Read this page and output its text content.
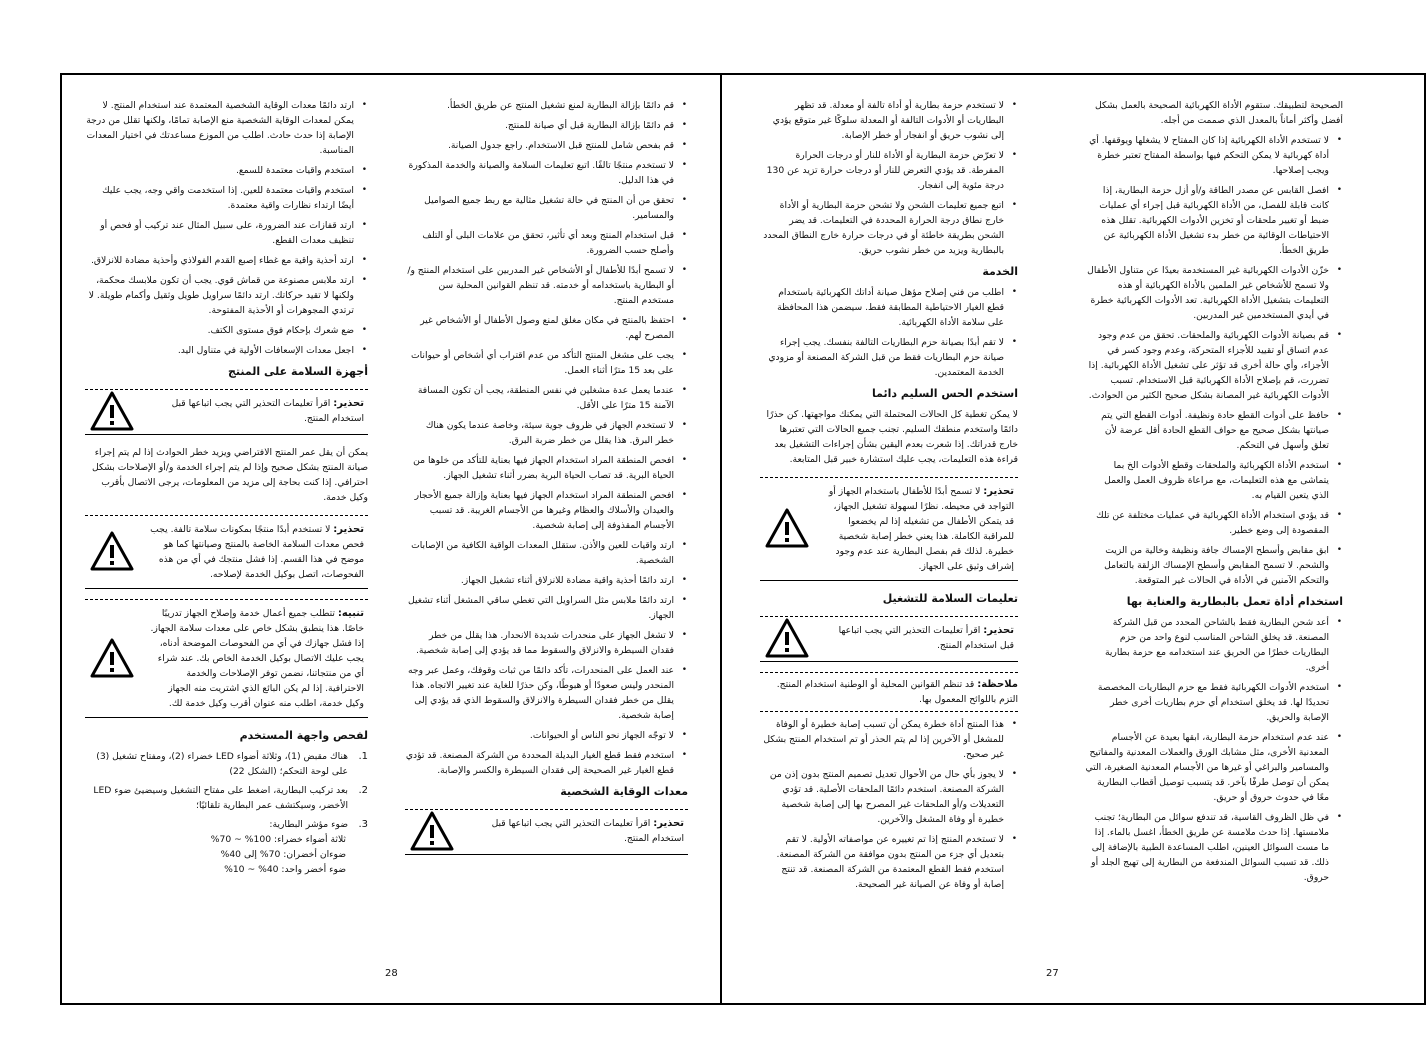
الصحيحة لتطبيقك. ستقوم الأداة الكهربائية الصحيحة بالعمل بشكل أفضل وأكثر أماناً بالمعدل الذي صممت من أجله.

• لا تستخدم الأداة الكهربائية إذا كان المفتاح لا يشغلها ويوقفها. أي أداة كهربائية لا يمكن التحكم فيها بواسطة المفتاح تعتبر خطرة ويجب إصلاحها.
• افصل القابس عن مصدر الطاقة و/أو أزل حزمة البطارية، إذا كانت قابلة للفصل، من الأداة الكهربائية قبل إجراء أي عمليات ضبط أو تغيير ملحقات أو تخزين الأدوات الكهربائية. تقلل هذه الاحتياطات الوقائية من خطر بدء تشغيل الأداة الكهربائية عن طريق الخطأ.
• خزّن الأدوات الكهربائية غير المستخدمة بعيدًا عن متناول الأطفال ولا تسمح للأشخاص غير الملمين بالأداة الكهربائية أو هذه التعليمات بتشغيل الأداة الكهربائية. تعد الأدوات الكهربائية خطرة في أيدي المستخدمين غير المدربين.
• قم بصيانة الأدوات الكهربائية والملحقات. تحقق من عدم وجود عدم اتساق أو تقييد للأجزاء المتحركة، وعدم وجود كسر في الأجزاء، وأي حالة أخرى قد تؤثر على تشغيل الأداة الكهربائية. إذا تضررت، قم بإصلاح الأداة الكهربائية قبل الاستخدام. تسبب الأدوات الكهربائية غير المصانة بشكل صحيح الكثير من الحوادث.
• حافظ على أدوات القطع حادة ونظيفة. أدوات القطع التي يتم صيانتها بشكل صحيح مع حواف القطع الحادة أقل عرضة لأن تعلق وأسهل في التحكم.
• استخدم الأداة الكهربائية والملحقات وقطع الأدوات الخ بما يتماشى مع هذه التعليمات، مع مراعاة ظروف العمل والعمل الذي يتعين القيام به.
• قد يؤدي استخدام الأداة الكهربائية في عمليات مختلفة عن تلك المقصودة إلى وضع خطير.
• ابق مقابض وأسطح الإمساك جافة ونظيفة وخالية من الزيت والشحم. لا تسمح المقابض وأسطح الإمساك الزلقة بالتعامل والتحكم الآمنين في الأداة في الحالات غير المتوقعة.
استخدام أداة تعمل بالبطارية والعناية بها
• أعد شحن البطارية فقط بالشاحن المحدد من قبل الشركة المصنعة. قد يخلق الشاحن المناسب لنوع واحد من حزم البطاريات خطرًا من الحريق عند استخدامه مع حزمة بطارية أخرى.
• استخدم الأدوات الكهربائية فقط مع حزم البطاريات المخصصة تحديدًا لها. قد يخلق استخدام أي حزم بطاريات أخرى خطر الإصابة والحريق.
• عند عدم استخدام حزمة البطارية، ابقها بعيدة عن الأجسام المعدنية الأخرى، مثل مشابك الورق والعملات المعدنية والمفاتيح والمسامير والبراغي أو غيرها من الأجسام المعدنية الصغيرة، التي يمكن أن توصل طرفًا بآخر. قد يتسبب توصيل أقطاب البطارية معًا في حدوث حروق أو حريق.
• في ظل الظروف القاسية، قد تندفع سوائل من البطارية؛ تجنب ملامستها. إذا حدث ملامسة عن طريق الخطأ، اغسل بالماء. إذا ما مست السوائل العينين، اطلب المساعدة الطبية بالإضافة إلى ذلك. قد تسبب السوائل المندفعة من البطارية إلى تهيج الجلد أو حروق.
• لا تستخدم حزمة بطارية أو أداة تالفة أو معدلة. قد تظهر البطاريات أو الأدوات التالفة أو المعدلة سلوكًا غير متوقع يؤدي إلى نشوب حريق أو انفجار أو خطر الإصابة.
• لا تعرّض حزمة البطارية أو الأداة للنار أو درجات الحرارة المفرطة. قد يؤدي التعرض للنار أو درجات حرارة تزيد عن 130 درجة مئوية إلى انفجار.
• اتبع جميع تعليمات الشحن ولا تشحن حزمة البطارية أو الأداة خارج نطاق درجة الحرارة المحددة في التعليمات. قد يضر الشحن بطريقة خاطئة أو في درجات حرارة خارج النطاق المحدد بالبطارية ويزيد من خطر نشوب حريق.
الخدمة
• اطلب من فني إصلاح مؤهل صيانة أداتك الكهربائية باستخدام قطع الغيار الاحتياطية المطابقة فقط. سيضمن هذا المحافظة على سلامة الأداة الكهربائية.
• لا تقم أبدًا بصيانة حزم البطاريات التالفة بنفسك. يجب إجراء صيانة حزم البطاريات فقط من قبل الشركة المصنعة أو مزودي الخدمة المعتمدين.
استخدم الحس السليم دائما

لا يمكن تغطية كل الحالات المحتملة التي يمكنك مواجهتها. كن حذرًا دائمًا واستخدم منطقك السليم. تجنب جميع الحالات التي تعتبرها خارج قدراتك. إذا شعرت بعدم اليقين بشأن إجراءات التشغيل بعد قراءة هذه التعليمات، يجب عليك استشارة خبير قبل المتابعة.

تحذير: لا تسمح أبدًا للأطفال باستخدام الجهاز أو التواجد في محيطه. نظرًا لسهولة تشغيل الجهاز، قد يتمكن الأطفال من تشغيله إذا لم يخضعوا للمراقبة الكاملة. هذا يعني خطر إصابة شخصية خطيرة. لذلك قم بفصل البطارية عند عدم وجود إشراف وثيق على الجهاز.
تعليمات السلامة للتشغيل
تحذير: اقرأ تعليمات التحذير التي يجب اتباعها قبل استخدام المنتج.

ملاحظة: قد تنظم القوانين المحلية أو الوطنية استخدام المنتج. التزم باللوائح المعمول بها.

• هذا المنتج أداة خطرة يمكن أن تسبب إصابة خطيرة أو الوفاة للمشغل أو الآخرين إذا لم يتم الحذر أو تم استخدام المنتج بشكل غير صحيح.
• لا يجوز بأي حال من الأحوال تعديل تصميم المنتج بدون إذن من الشركة المصنعة. استخدم دائمًا الملحقات الأصلية. قد تؤدي التعديلات و/أو الملحقات غير المصرح بها إلى إصابة شخصية خطيرة أو وفاة المشغل والآخرين.
• لا تستخدم المنتج إذا تم تغييره عن مواصفاته الأولية. لا تقم بتعديل أي جزء من المنتج بدون موافقة من الشركة المصنعة. استخدم فقط القطع المعتمدة من الشركة المصنعة. قد تنتج إصابة أو وفاة عن الصيانة غير الصحيحة.
• قم دائمًا بإزالة البطارية لمنع تشغيل المنتج عن طريق الخطأ.
• قم دائمًا بإزالة البطارية قبل أي صيانة للمنتج.
• قم بفحص شامل للمنتج قبل الاستخدام. راجع جدول الصيانة.
• لا تستخدم منتجًا تالفًا. اتبع تعليمات السلامة والصيانة والخدمة المذكورة في هذا الدليل.
• تحقق من أن المنتج في حالة تشغيل مثالية مع ربط جميع الصواميل والمسامير.
• قبل استخدام المنتج وبعد أي تأثير، تحقق من علامات البلى أو التلف وأصلح حسب الضرورة.
• لا تسمح أبدًا للأطفال أو الأشخاص غير المدربين على استخدام المنتج و/أو البطارية باستخدامه أو خدمته. قد تنظم القوانين المحلية سن مستخدم المنتج.
• احتفظ بالمنتج في مكان مغلق لمنع وصول الأطفال أو الأشخاص غير المصرح لهم.
• يجب على مشغل المنتج التأكد من عدم اقتراب أي أشخاص أو حيوانات على بعد 15 مترًا أثناء العمل.
• عندما يعمل عدة مشغلين في نفس المنطقة، يجب أن تكون المسافة الآمنة 15 مترًا على الأقل.
• لا تستخدم الجهاز في ظروف جوية سيئة، وخاصة عندما يكون هناك خطر البرق. هذا يقلل من خطر ضربة البرق.
• افحص المنطقة المراد استخدام الجهاز فيها بعناية للتأكد من خلوها من الحياة البرية. قد تصاب الحياة البرية بضرر أثناء تشغيل الجهاز.
• افحص المنطقة المراد استخدام الجهاز فيها بعناية وإزالة جميع الأحجار والعيدان والأسلاك والعظام وغيرها من الأجسام الغريبة. قد تسبب الأجسام المقذوفة إلى إصابة شخصية.
• ارتد واقيات للعين والأذن. ستقلل المعدات الواقية الكافية من الإصابات الشخصية.
• ارتد دائمًا أحذية واقية مضادة للانزلاق أثناء تشغيل الجهاز.
• ارتد دائمًا ملابس مثل السراويل التي تغطي ساقي المشغل أثناء تشغيل الجهاز.
• لا تشغل الجهاز على منحدرات شديدة الانحدار. هذا يقلل من خطر فقدان السيطرة والانزلاق والسقوط مما قد يؤدي إلى إصابة شخصية.
• عند العمل على المنحدرات، تأكد دائمًا من ثبات وقوفك، وعمل عبر وجه المنحدر وليس صعودًا أو هبوطًا، وكن حذرًا للغاية عند تغيير الاتجاه. هذا يقلل من خطر فقدان السيطرة والانزلاق والسقوط الذي قد يؤدي إلى إصابة شخصية.
• لا توجّه الجهاز نحو الناس أو الحيوانات.
• استخدم فقط قطع الغيار البديلة المحددة من الشركة المصنعة. قد تؤدي قطع الغيار غير الصحيحة إلى فقدان السيطرة والكسر والإصابة.
معدات الوقاية الشخصية
تحذير: اقرأ تعليمات التحذير التي يجب اتباعها قبل استخدام المنتج.
• ارتد دائمًا معدات الوقاية الشخصية المعتمدة عند استخدام المنتج. لا يمكن لمعدات الوقاية الشخصية منع الإصابة تمامًا، ولكنها تقلل من درجة الإصابة إذا حدث حادث. اطلب من الموزع مساعدتك في اختيار المعدات المناسبة.
• استخدم واقيات معتمدة للسمع.
• استخدم واقيات معتمدة للعين. إذا استخدمت واقي وجه، يجب عليك أيضًا ارتداء نظارات واقية معتمدة.
• ارتد قفازات عند الضرورة، على سبيل المثال عند تركيب أو فحص أو تنظيف معدات القطع.
• ارتد أحذية واقية مع غطاء إصبع القدم الفولاذي وأحذية مضادة للانزلاق.
• ارتد ملابس مصنوعة من قماش قوي. يجب أن تكون ملابسك محكمة، ولكنها لا تقيد حركاتك. ارتد دائمًا سراويل طويل وثقيل وأكمام طويلة. لا ترتدي المجوهرات أو الأحذية المفتوحة.
• ضع شعرك بإحكام فوق مستوى الكتف.
• اجعل معدات الإسعافات الأولية في متناول اليد.
أجهزة السلامة على المنتج
تحذير: اقرأ تعليمات التحذير التي يجب اتباعها قبل استخدام المنتج.

يمكن أن يقل عمر المنتج الافتراضي ويزيد خطر الحوادث إذا لم يتم إجراء صيانة المنتج بشكل صحيح وإذا لم يتم إجراء الخدمة و/أو الإصلاحات بشكل احترافي. إذا كنت بحاجة إلى مزيد من المعلومات، يرجى الاتصال بأقرب وكيل خدمة.

تحذير: لا تستخدم أبدًا منتجًا بمكونات سلامة تالفة. يجب فحص معدات السلامة الخاصة بالمنتج وصيانتها كما هو موضح في هذا القسم. إذا فشل منتجك في أي من هذه الفحوصات، اتصل بوكيل الخدمة لإصلاحه.
تنبيه: تتطلب جميع أعمال خدمة وإصلاح الجهاز تدريبًا خاصًا. هذا ينطبق بشكل خاص على معدات سلامة الجهاز. إذا فشل جهازك في أي من الفحوصات الموضحة أدناه، يجب عليك الاتصال بوكيل الخدمة الخاص بك. عند شراء أي من منتجاتنا، نضمن توفر الإصلاحات والخدمة الاحترافية. إذا لم يكن البائع الذي اشتريت منه الجهاز وكيل خدمة، اطلب منه عنوان أقرب وكيل خدمة لك.
لفحص واجهة المستخدم
1.
هناك مقبض (1)، وثلاثة أضواء LED خضراء (2)، ومفتاح تشغيل (3) على لوحة التحكم؛ (الشكل 22)
2.
بعد تركيب البطارية، اضغط على مفتاح التشغيل وسيضيئ ضوء LED الأخضر، وسيكتشف عمر البطارية تلقائيًا؛
3.
ضوء مؤشر البطارية:
ثلاثة أضواء خضراء: 100% ~ 70%
ضوءان أخضران: 70% إلى 40%
ضوء أخضر واحد: 40% ~ 10%
28	27
